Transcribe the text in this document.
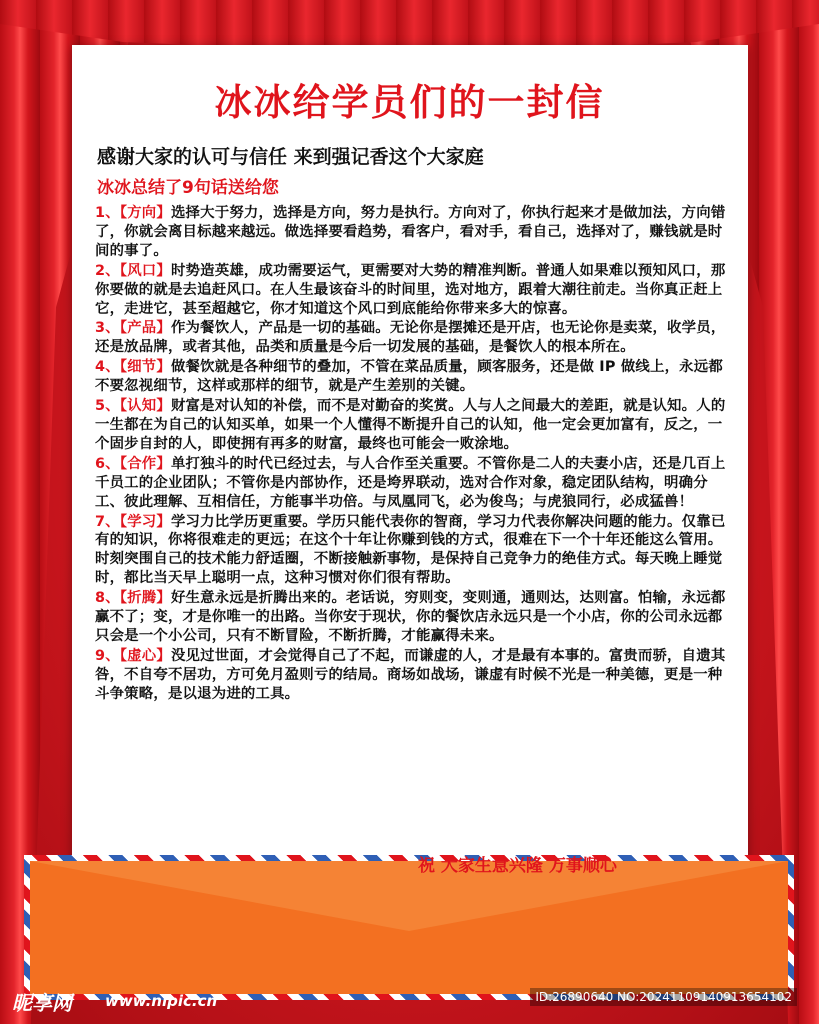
冰冰给学员们的一封信
感谢大家的认可与信任 来到强记香这个大家庭
冰冰总结了9句话送给您
1、【方向】选择大于努力，选择是方向，努力是执行。方向对了，你执行起来才是做加法，方向错了，你就会离目标越来越远。做选择要看趋势，看客户，看对手，看自己，选择对了，赚钱就是时间的事了。
2、【风口】时势造英雄，成功需要运气，更需要对大势的精准判断。普通人如果难以预知风口，那你要做的就是去追赶风口。在人生最该奋斗的时间里，选对地方，跟着大潮往前走。当你真正赶上它，走进它，甚至超越它，你才知道这个风口到底能给你带来多大的惊喜。
3、【产品】作为餐饮人，产品是一切的基础。无论你是摆摊还是开店，也无论你是卖菜，收学员，还是放品牌，或者其他，品类和质量是今后一切发展的基础，是餐饮人的根本所在。
4、【细节】做餐饮就是各种细节的叠加，不管在菜品质量，顾客服务，还是做 IP 做线上，永远都不要忽视细节，这样或那样的细节，就是产生差别的关键。
5、【认知】财富是对认知的补偿，而不是对勤奋的奖赏。人与人之间最大的差距，就是认知。人的一生都在为自己的认知买单，如果一个人懂得不断提升自己的认知，他一定会更加富有，反之，一个固步自封的人，即使拥有再多的财富，最终也可能会一败涂地。
6、【合作】单打独斗的时代已经过去，与人合作至关重要。不管你是二人的夫妻小店，还是几百上千员工的企业团队；不管你是内部协作，还是垮界联动，选对合作对象，稳定团队结构，明确分工、彼此理解、互相信任，方能事半功倍。与凤凰同飞，必为俊鸟；与虎狼同行，必成猛兽！
7、【学习】学习力比学历更重要。学历只能代表你的智商，学习力代表你解决问题的能力。仅靠已有的知识，你将很难走的更远；在这个十年让你赚到钱的方式，很难在下一个十年还能这么管用。时刻突围自己的技术能力舒适圈，不断接触新事物，是保持自己竞争力的绝佳方式。每天晚上睡觉时，都比当天早上聪明一点，这种习惯对你们很有帮助。
8、【折腾】好生意永远是折腾出来的。老话说，穷则变，变则通，通则达，达则富。怕输，永远都赢不了；变，才是你唯一的出路。当你安于现状，你的餐饮店永远只是一个小店，你的公司永远都只会是一个小公司，只有不断冒险，不断折腾，才能赢得未来。
9、【虚心】没见过世面，才会觉得自己了不起，而谦虚的人，才是最有本事的。富贵而骄，自遗其咎，不自夸不居功，方可免月盈则亏的结局。商场如战场，谦虚有时候不光是一种美德，更是一种斗争策略，是以退为进的工具。
祝 大家生意兴隆 万事顺心
昵享网 www.nipic.cn	ID:26890640 NO:20241109140913654102
